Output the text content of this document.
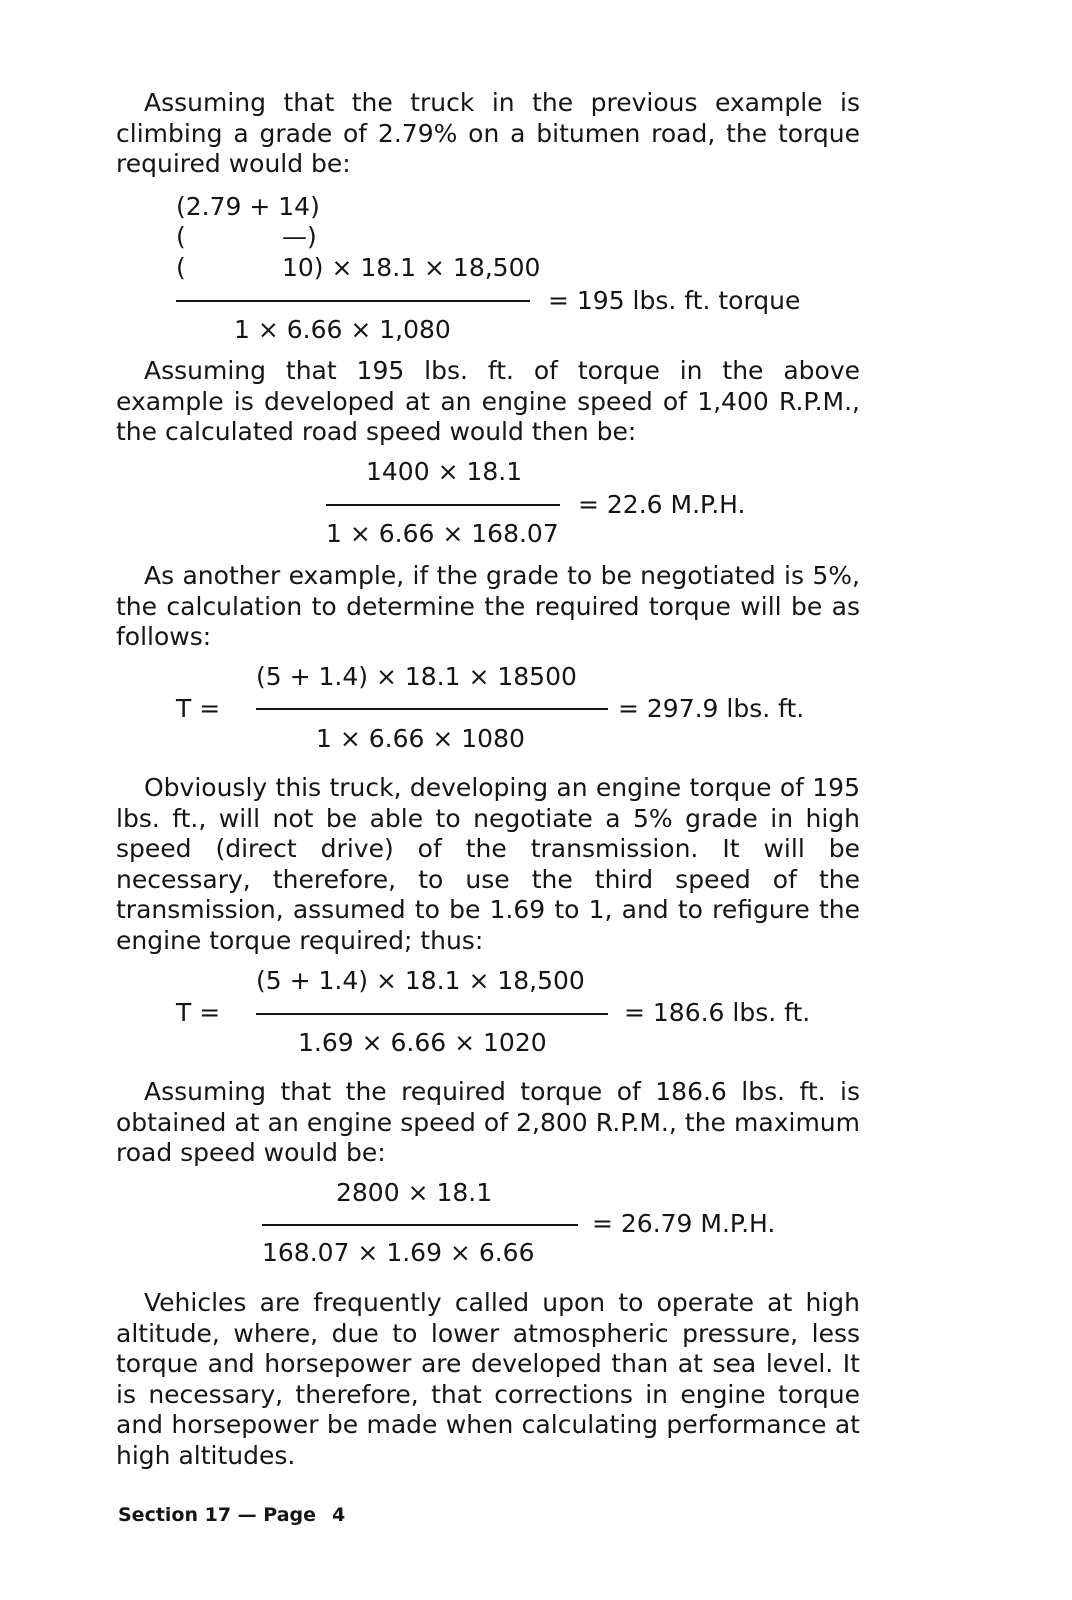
Assuming that the truck in the previous example is climbing a grade of 2.79% on a bitumen road, the torque required would be:

(2.79 + 14)
(	—)
(	10) × 18.1 × 18,500
= 195 lbs. ft. torque
1 × 6.66 × 1,080

Assuming that 195 lbs. ft. of torque in the above example is developed at an engine speed of 1,400 R.P.M., the calculated road speed would then be:

1400 × 18.1
= 22.6 M.P.H.
1 × 6.66 × 168.07

As another example, if the grade to be negotiated is 5%, the calculation to determine the required torque will be as follows:

T =
(5 + 1.4) × 18.1 × 18500
= 297.9 lbs. ft.
1 × 6.66 × 1080

Obviously this truck, developing an engine torque of 195 lbs. ft., will not be able to negotiate a 5% grade in high speed (direct drive) of the transmission. It will be necessary, therefore, to use the third speed of the transmission, assumed to be 1.69 to 1, and to refigure the engine torque required; thus:

T =
(5 + 1.4) × 18.1 × 18,500
= 186.6 lbs. ft.
1.69 × 6.66 × 1020

Assuming that the required torque of 186.6 lbs. ft. is obtained at an engine speed of 2,800 R.P.M., the maximum road speed would be:

2800 × 18.1
= 26.79 M.P.H.
168.07 × 1.69 × 6.66

Vehicles are frequently called upon to operate at high altitude, where, due to lower atmospheric pressure, less torque and horsepower are developed than at sea level. It is necessary, therefore, that corrections in engine torque and horsepower be made when calculating performance at high altitudes.

Section 17 — Page 4
